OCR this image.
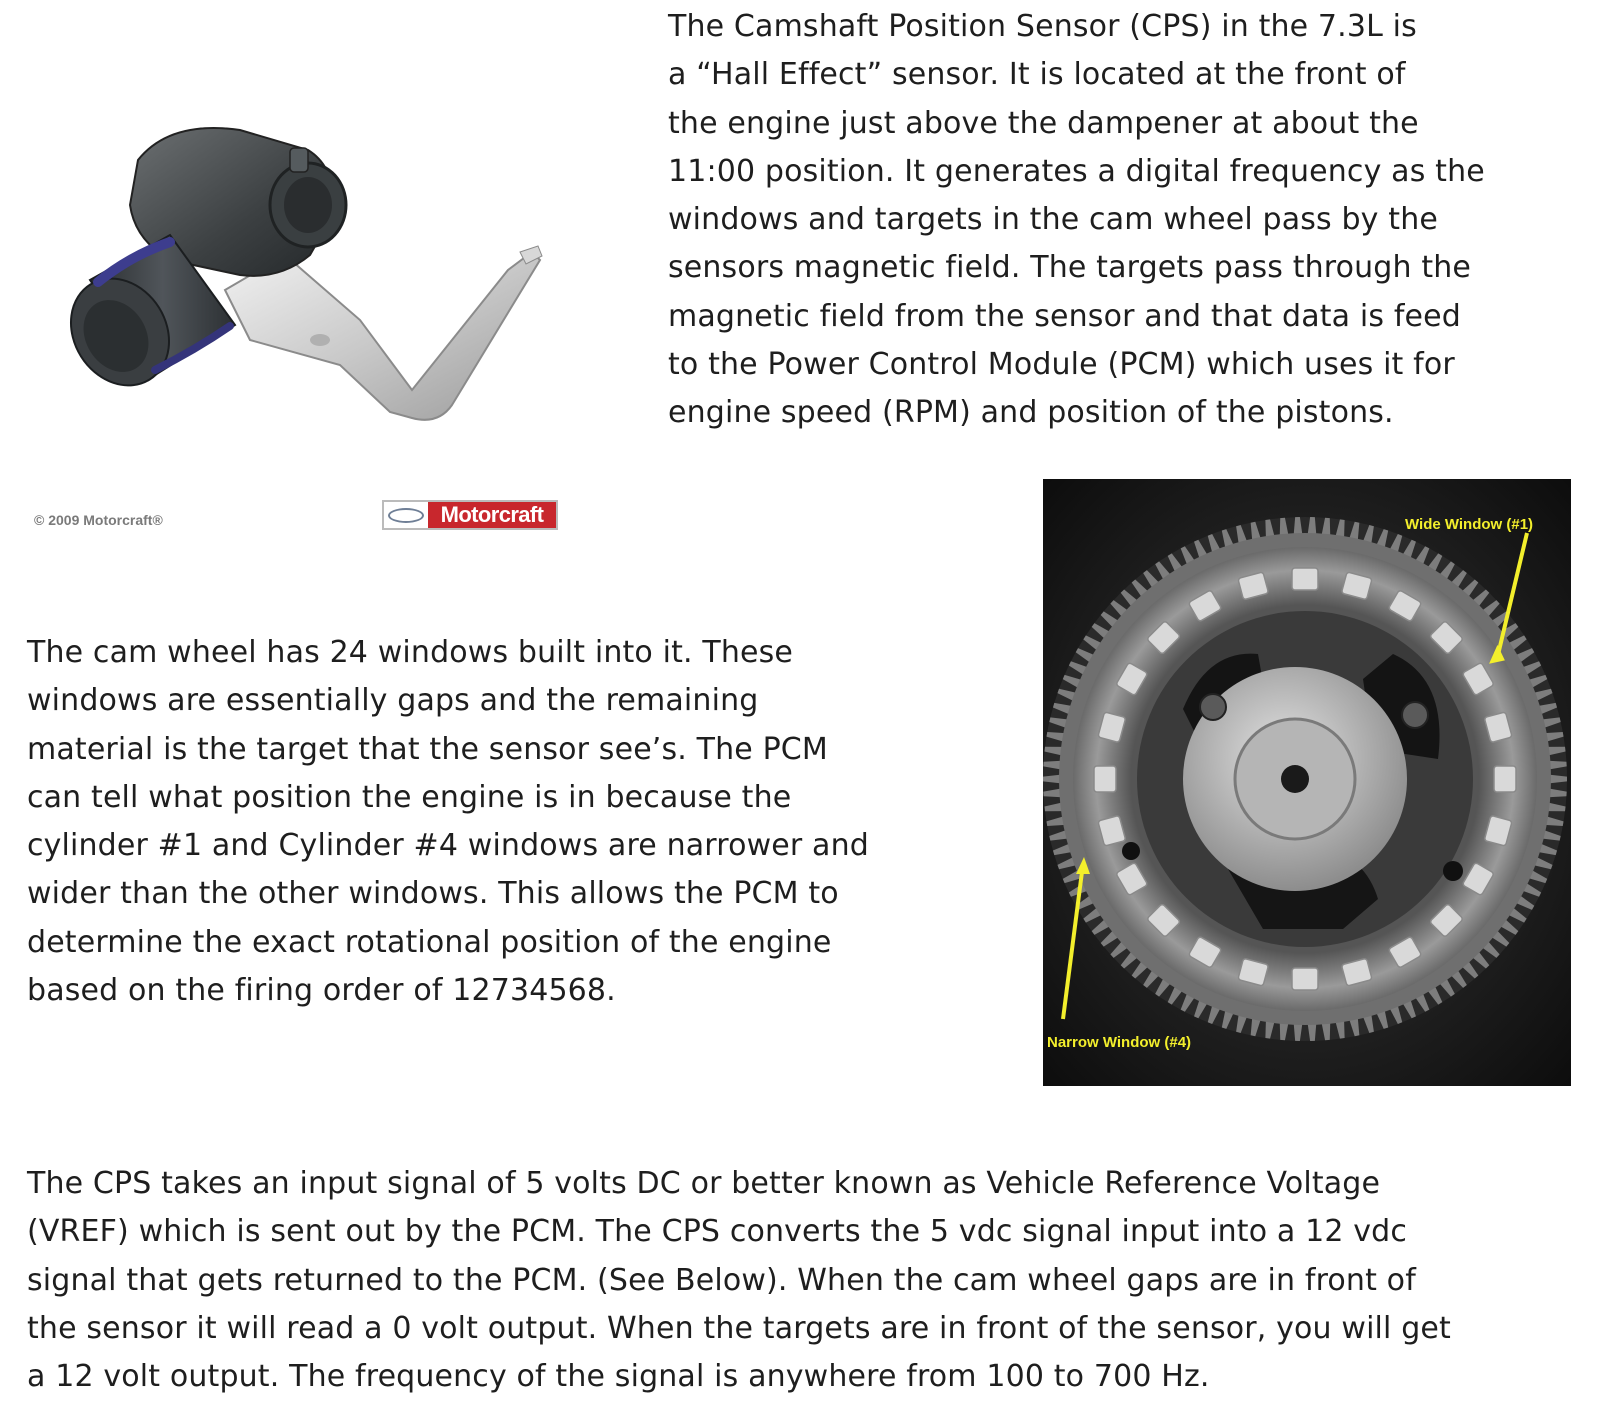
The Camshaft Position Sensor (CPS) in the 7.3L is
a “Hall Effect” sensor. It is located at the front of
the engine just above the dampener at about the
11:00 position. It generates a digital frequency as the
windows and targets in the cam wheel pass by the
sensors magnetic field. The targets pass through the
magnetic field from the sensor and that data is feed
to the Power Control Module (PCM) which uses it for
engine speed (RPM) and position of the pistons.
© 2009 Motorcraft®	Motorcraft	Wide Window (#1)
Narrow Window (#4)
The cam wheel has 24 windows built into it. These
windows are essentially gaps and the remaining
material is the target that the sensor see’s. The PCM
can tell what position the engine is in because the
cylinder #1 and Cylinder #4 windows are narrower and
wider than the other windows. This allows the PCM to
determine the exact rotational position of the engine
based on the firing order of 12734568.
The CPS takes an input signal of 5 volts DC or better known as Vehicle Reference Voltage
(VREF) which is sent out by the PCM. The CPS converts the 5 vdc signal input into a 12 vdc
signal that gets returned to the PCM. (See Below). When the cam wheel gaps are in front of
the sensor it will read a 0 volt output. When the targets are in front of the sensor, you will get
a 12 volt output. The frequency of the signal is anywhere from 100 to 700 Hz.
